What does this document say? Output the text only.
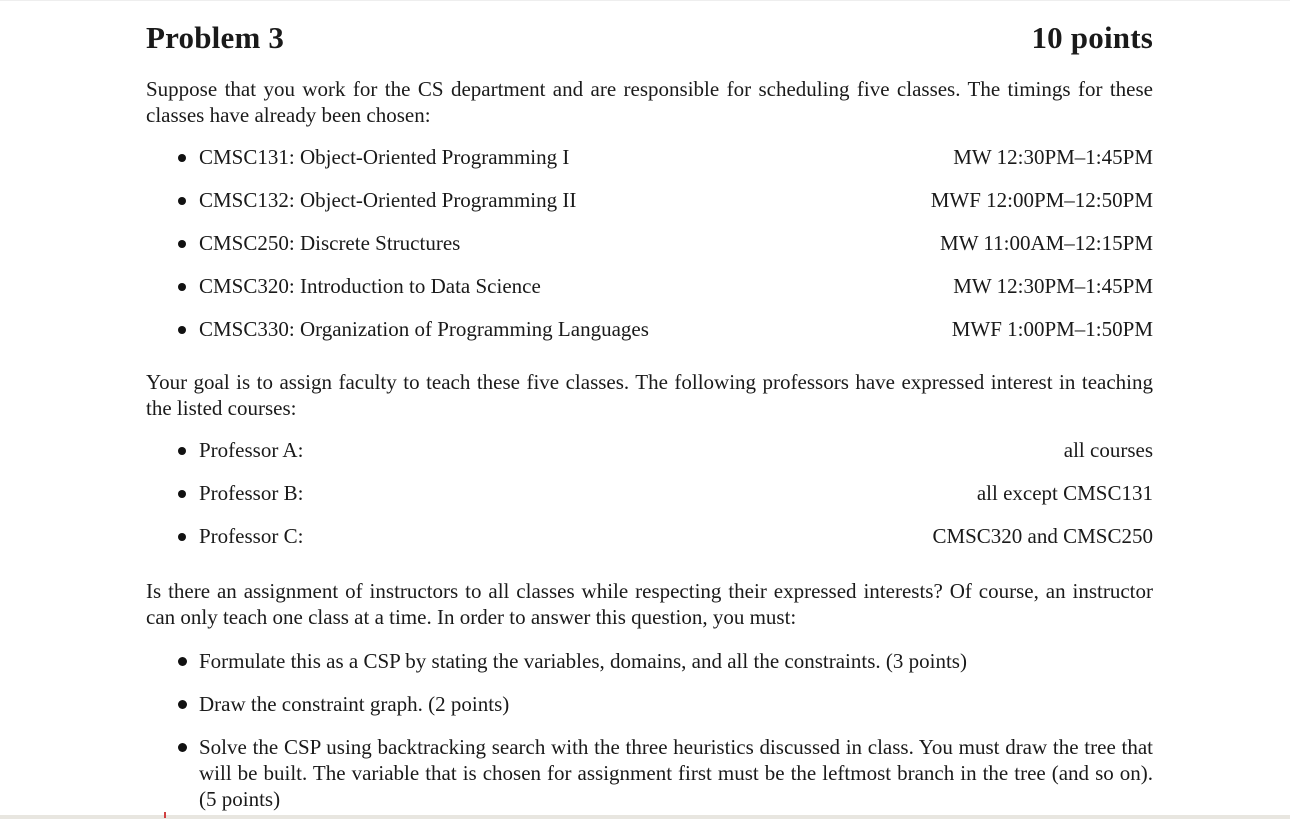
Problem 3	10 points

Suppose that you work for the CS department and are responsible for scheduling five classes. The timings for these classes have already been chosen:

CMSC131: Object-Oriented Programming I	MW 12:30PM–1:45PM
CMSC132: Object-Oriented Programming II	MWF 12:00PM–12:50PM
CMSC250: Discrete Structures	MW 11:00AM–12:15PM
CMSC320: Introduction to Data Science	MW 12:30PM–1:45PM
CMSC330: Organization of Programming Languages	MWF 1:00PM–1:50PM

Your goal is to assign faculty to teach these five classes. The following professors have expressed interest in teaching the listed courses:

Professor A:	all courses
Professor B:	all except CMSC131
Professor C:	CMSC320 and CMSC250

Is there an assignment of instructors to all classes while respecting their expressed interests? Of course, an instructor can only teach one class at a time. In order to answer this question, you must:

Formulate this as a CSP by stating the variables, domains, and all the constraints. (3 points)
Draw the constraint graph. (2 points)
Solve the CSP using backtracking search with the three heuristics discussed in class. You must draw the tree that will be built. The variable that is chosen for assignment first must be the leftmost branch in the tree (and so on). (5 points)
